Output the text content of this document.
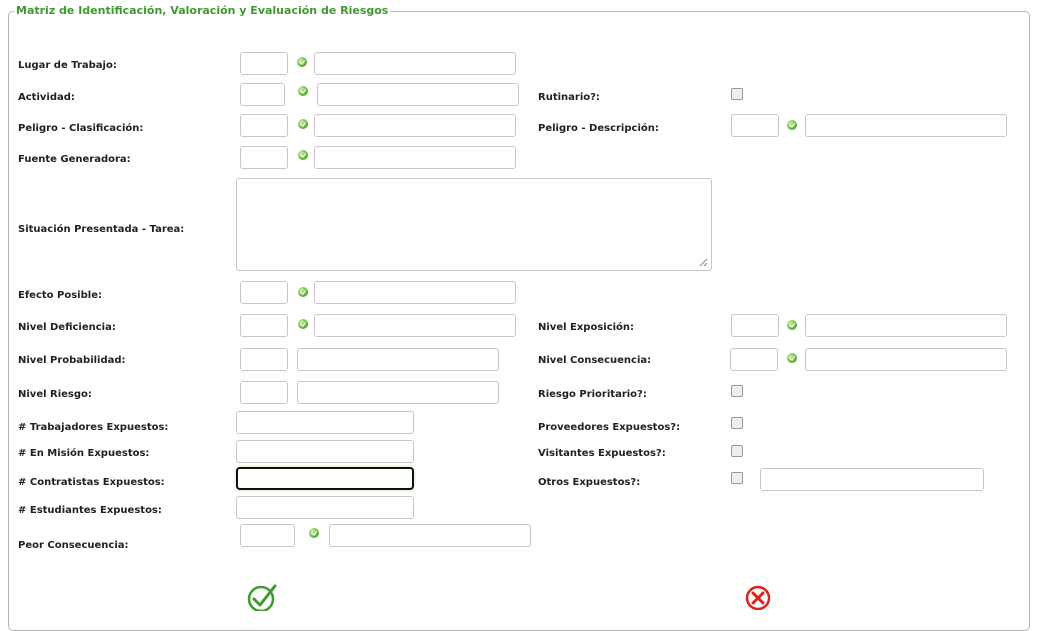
Matriz de Identificación, Valoración y Evaluación de Riesgos
Lugar de Trabajo:
Actividad:	Rutinario?:
Peligro - Clasificación:	Peligro - Descripción:
Fuente Generadora:
Situación Presentada - Tarea:
Efecto Posible:
Nivel Deficiencia:	Nivel Exposición:
Nivel Probabilidad:	Nivel Consecuencia:
Nivel Riesgo:	Riesgo Prioritario?:
# Trabajadores Expuestos:	Proveedores Expuestos?:
# En Misión Expuestos:	Visitantes Expuestos?:
# Contratistas Expuestos:	Otros Expuestos?:
# Estudiantes Expuestos:
Peor Consecuencia:
